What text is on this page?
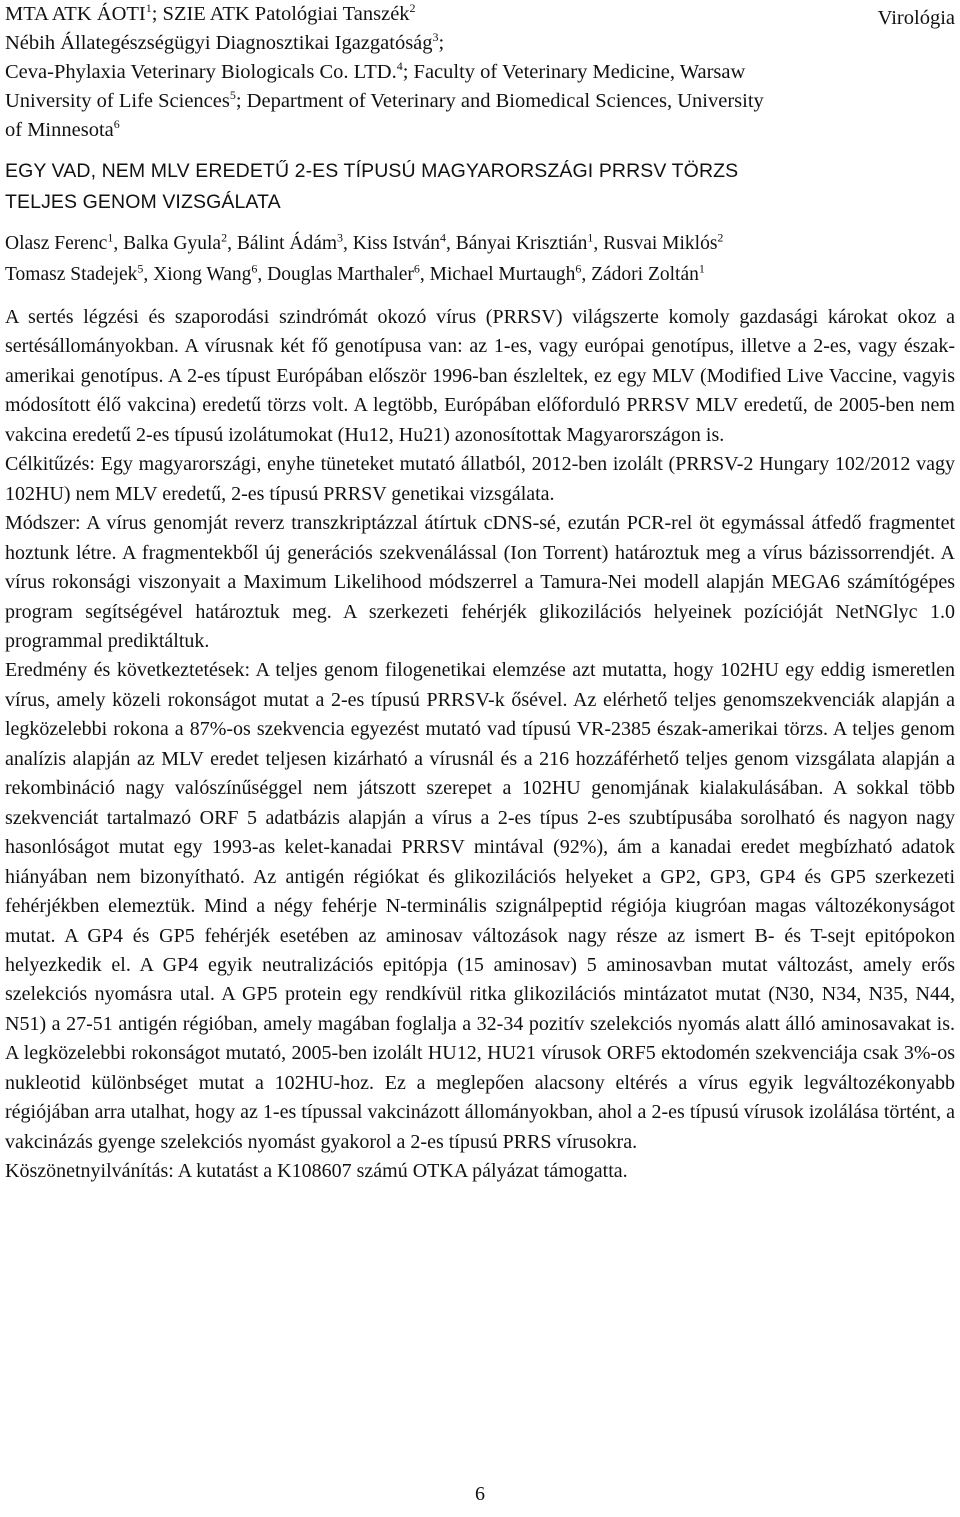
Virológia
MTA ATK ÁOTI$^1$; SZIE ATK Patológiai Tanszék$^2$
Nébih Állategészségügyi Diagnosztikai Igazgatóság$^3$;
Ceva-Phylaxia Veterinary Biologicals Co. LTD.$^4$; Faculty of Veterinary Medicine, Warsaw
University of Life Sciences$^5$; Department of Veterinary and Biomedical Sciences, University
of Minnesota$^6$
EGY VAD, NEM MLV EREDETŰ 2-ES TÍPUSÚ MAGYARORSZÁGI PRRSV TÖRZS
TELJES GENOM VIZSGÁLATA
Olasz Ferenc$^1$, Balka Gyula$^2$, Bálint Ádám$^3$, Kiss István$^4$, Bányai Krisztián$^1$, Rusvai Miklós$^2$
Tomasz Stadejek$^5$, Xiong Wang$^6$, Douglas Marthaler$^6$, Michael Murtaugh$^6$, Zádori Zoltán$^1$

A sertés légzési és szaporodási szindrómát okozó vírus (PRRSV) világszerte komoly gazdasági károkat okoz a sertésállományokban. A vírusnak két fő genotípusa van: az 1-es, vagy európai genotípus, illetve a 2-es, vagy észak-amerikai genotípus. A 2-es típust Európában először 1996-ban észleltek, ez egy MLV (Modified Live Vaccine, vagyis módosított élő vakcina) eredetű törzs volt. A legtöbb, Európában előforduló PRRSV MLV eredetű, de 2005-ben nem vakcina eredetű 2-es típusú izolátumokat (Hu12, Hu21) azonosítottak Magyarországon is.

Célkitűzés: Egy magyarországi, enyhe tüneteket mutató állatból, 2012-ben izolált (PRRSV-2 Hungary 102/2012 vagy 102HU) nem MLV eredetű, 2-es típusú PRRSV genetikai vizsgálata.

Módszer: A vírus genomját reverz transzkriptázzal átírtuk cDNS-sé, ezután PCR-rel öt egymással átfedő fragmentet hoztunk létre. A fragmentekből új generációs szekvenálással (Ion Torrent) határoztuk meg a vírus bázissorrendjét. A vírus rokonsági viszonyait a Maximum Likelihood módszerrel a Tamura-Nei modell alapján MEGA6 számítógépes program segítségével határoztuk meg. A szerkezeti fehérjék glikozilációs helyeinek pozícióját NetNGlyc 1.0 programmal prediktáltuk.

Eredmény és következtetések: A teljes genom filogenetikai elemzése azt mutatta, hogy 102HU egy eddig ismeretlen vírus, amely közeli rokonságot mutat a 2-es típusú PRRSV-k ősével. Az elérhető teljes genomszekvenciák alapján a legközelebbi rokona a 87%-os szekvencia egyezést mutató vad típusú VR-2385 észak-amerikai törzs. A teljes genom analízis alapján az MLV eredet teljesen kizárható a vírusnál és a 216 hozzáférhető teljes genom vizsgálata alapján a rekombináció nagy valószínűséggel nem játszott szerepet a 102HU genomjának kialakulásában. A sokkal több szekvenciát tartalmazó ORF 5 adatbázis alapján a vírus a 2-es típus 2-es szubtípusába sorolható és nagyon nagy hasonlóságot mutat egy 1993-as kelet-kanadai PRRSV mintával (92%), ám a kanadai eredet megbízható adatok hiányában nem bizonyítható. Az antigén régiókat és glikozilációs helyeket a GP2, GP3, GP4 és GP5 szerkezeti fehérjékben elemeztük. Mind a négy fehérje N-terminális szignálpeptid régiója kiugróan magas változékonyságot mutat. A GP4 és GP5 fehérjék esetében az aminosav változások nagy része az ismert B- és T-sejt epitópokon helyezkedik el. A GP4 egyik neutralizációs epitópja (15 aminosav) 5 aminosavban mutat változást, amely erős szelekciós nyomásra utal. A GP5 protein egy rendkívül ritka glikozilációs mintázatot mutat (N30, N34, N35, N44, N51) a 27-51 antigén régióban, amely magában foglalja a 32-34 pozitív szelekciós nyomás alatt álló aminosavakat is. A legközelebbi rokonságot mutató, 2005-ben izolált HU12, HU21 vírusok ORF5 ektodomén szekvenciája csak 3%-os nukleotid különbséget mutat a 102HU-hoz. Ez a meglepően alacsony eltérés a vírus egyik legváltozékonyabb régiójában arra utalhat, hogy az 1-es típussal vakcinázott állományokban, ahol a 2-es típusú vírusok izolálása történt, a vakcinázás gyenge szelekciós nyomást gyakorol a 2-es típusú PRRS vírusokra.

Köszönetnyilvánítás: A kutatást a K108607 számú OTKA pályázat támogatta.

6
